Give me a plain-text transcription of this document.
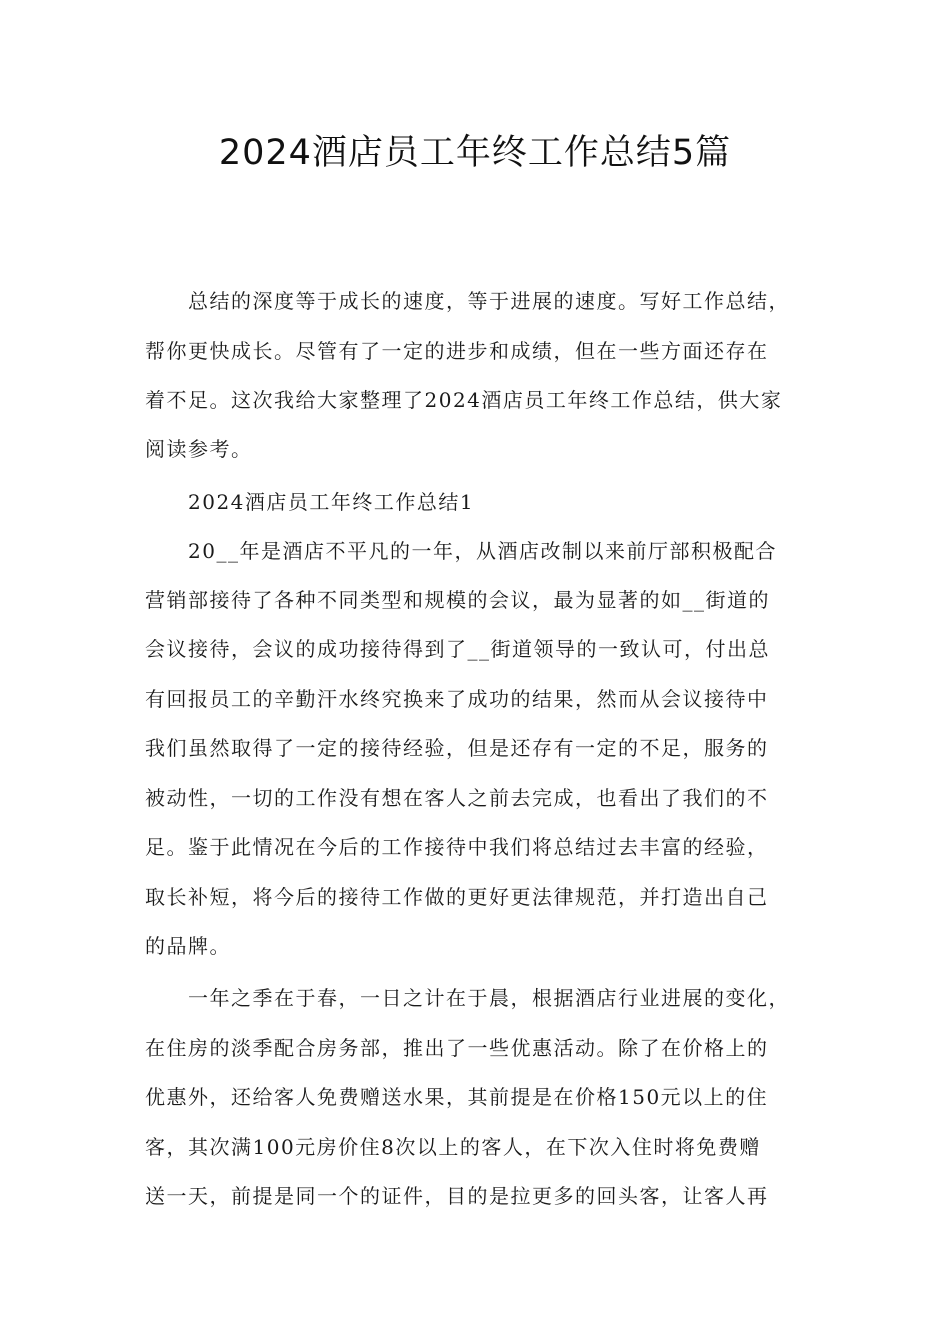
2024酒店员工年终工作总结5篇
总结的深度等于成长的速度，等于进展的速度。写好工作总结，
帮你更快成长。尽管有了一定的进步和成绩，但在一些方面还存在
着不足。这次我给大家整理了2024酒店员工年终工作总结，供大家
阅读参考。
2024酒店员工年终工作总结1
20__年是酒店不平凡的一年，从酒店改制以来前厅部积极配合
营销部接待了各种不同类型和规模的会议，最为显著的如__街道的
会议接待，会议的成功接待得到了__街道领导的一致认可，付出总
有回报员工的辛勤汗水终究换来了成功的结果，然而从会议接待中
我们虽然取得了一定的接待经验，但是还存有一定的不足，服务的
被动性，一切的工作没有想在客人之前去完成，也看出了我们的不
足。鉴于此情况在今后的工作接待中我们将总结过去丰富的经验，
取长补短，将今后的接待工作做的更好更法律规范，并打造出自己
的品牌。
一年之季在于春，一日之计在于晨，根据酒店行业进展的变化，
在住房的淡季配合房务部，推出了一些优惠活动。除了在价格上的
优惠外，还给客人免费赠送水果，其前提是在价格150元以上的住
客，其次满100元房价住8次以上的客人，在下次入住时将免费赠
送一天，前提是同一个的证件，目的是拉更多的回头客，让客人再
